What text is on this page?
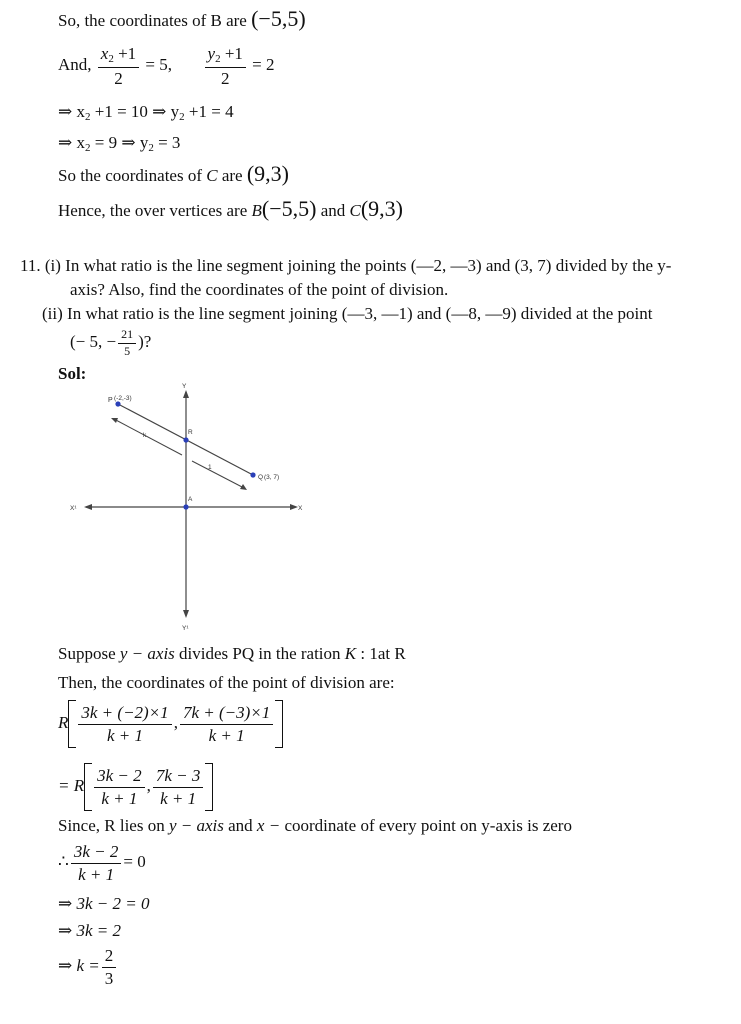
So, the coordinates of B are (−5,5)
And, $\frac{x_2 +1}{2} = 5$, $\frac{y_2 +1}{2} = 2$
⇒ $x_2 +1 = 10$ ⇒ $y_2 +1 = 4$
⇒ $x_2 = 9$ ⇒ $y_2 = 3$
So the coordinates of C are (9,3)
Hence, the over vertices are B(−5,5) and C(9,3)
11. (i) In what ratio is the line segment joining the points (—2, —3) and (3, 7) divided by the y-
axis? Also, find the coordinates of the point of division.
(ii) In what ratio is the line segment joining (—3, —1) and (—8, —9) divided at the point
(− 5, − $\frac{21}{5}$ )?
Sol:
P (-2,-3)
R
Q (3, 7)
A
Y
Y¹
X
X¹
k
1
Suppose y − axis divides PQ in the ration K : 1at R
Then, the coordinates of the point of division are:
R $\frac{3k + (-2)\times 1}{k + 1}$ , $\frac{7k + (-3)\times 1}{k + 1}$
= R $\frac{3k - 2}{k + 1}$ , $\frac{7k - 3}{k + 1}$
Since, R lies on y − axis and x − coordinate of every point on y-axis is zero
∴ $\frac{3k - 2}{k + 1} = 0$
⇒ 3k − 2 = 0
⇒ 3k = 2
⇒ $k = \frac{2}{3}$
